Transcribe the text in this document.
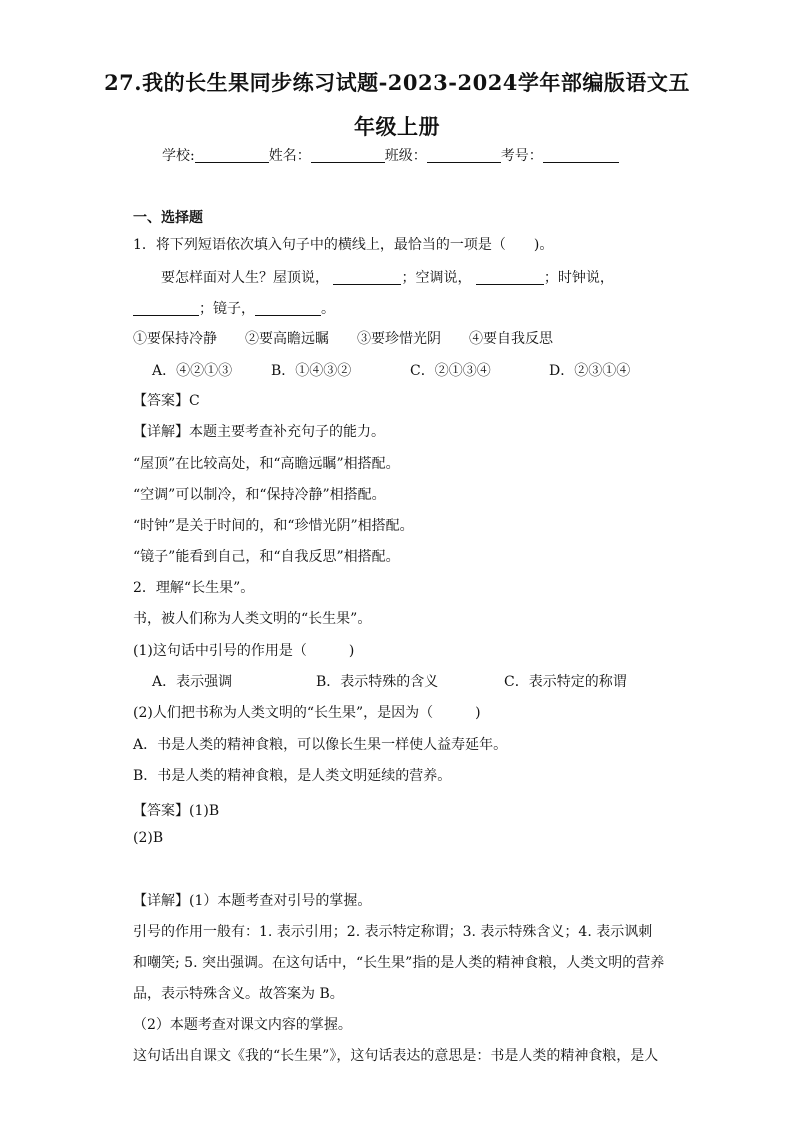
27.我的长生果同步练习试题-2023-2024学年部编版语文五
年级上册
学校:	姓名：	班级：	考号：
一、选择题
1．将下列短语依次填入句子中的横线上，最恰当的一项是（　　)。
要怎样面对人生？屋顶说，	；空调说，	；时钟说，
；镜子，	。
①要保持冷静　　②要高瞻远瞩　　③要珍惜光阴　　④要自我反思
A．④②①③	B．①④③②	C．②①③④	D．②③①④
【答案】C
【详解】本题主要考查补充句子的能力。
“屋顶”在比较高处，和“高瞻远瞩”相搭配。
“空调”可以制冷，和“保持冷静”相搭配。
“时钟”是关于时间的，和“珍惜光阴”相搭配。
“镜子”能看到自己，和“自我反思”相搭配。
2．理解“长生果”。
书，被人们称为人类文明的“长生果”。
(1)这句话中引号的作用是（　　　)
A．表示强调	B．表示特殊的含义	C．表示特定的称谓
(2)人们把书称为人类文明的“长生果”，是因为（　　　)
A．书是人类的精神食粮，可以像长生果一样使人益寿延年。
B．书是人类的精神食粮，是人类文明延续的营养。
【答案】(1)B
(2)B
【详解】(1）本题考查对引号的掌握。
引号的作用一般有：1. 表示引用；2. 表示特定称谓；3. 表示特殊含义；4. 表示讽刺
和嘲笑; 5. 突出强调。在这句话中，“长生果”指的是人类的精神食粮，人类文明的营养
品，表示特殊含义。故答案为 B。
（2）本题考查对课文内容的掌握。
这句话出自课文《我的“长生果”》，这句话表达的意思是：书是人类的精神食粮，是人
